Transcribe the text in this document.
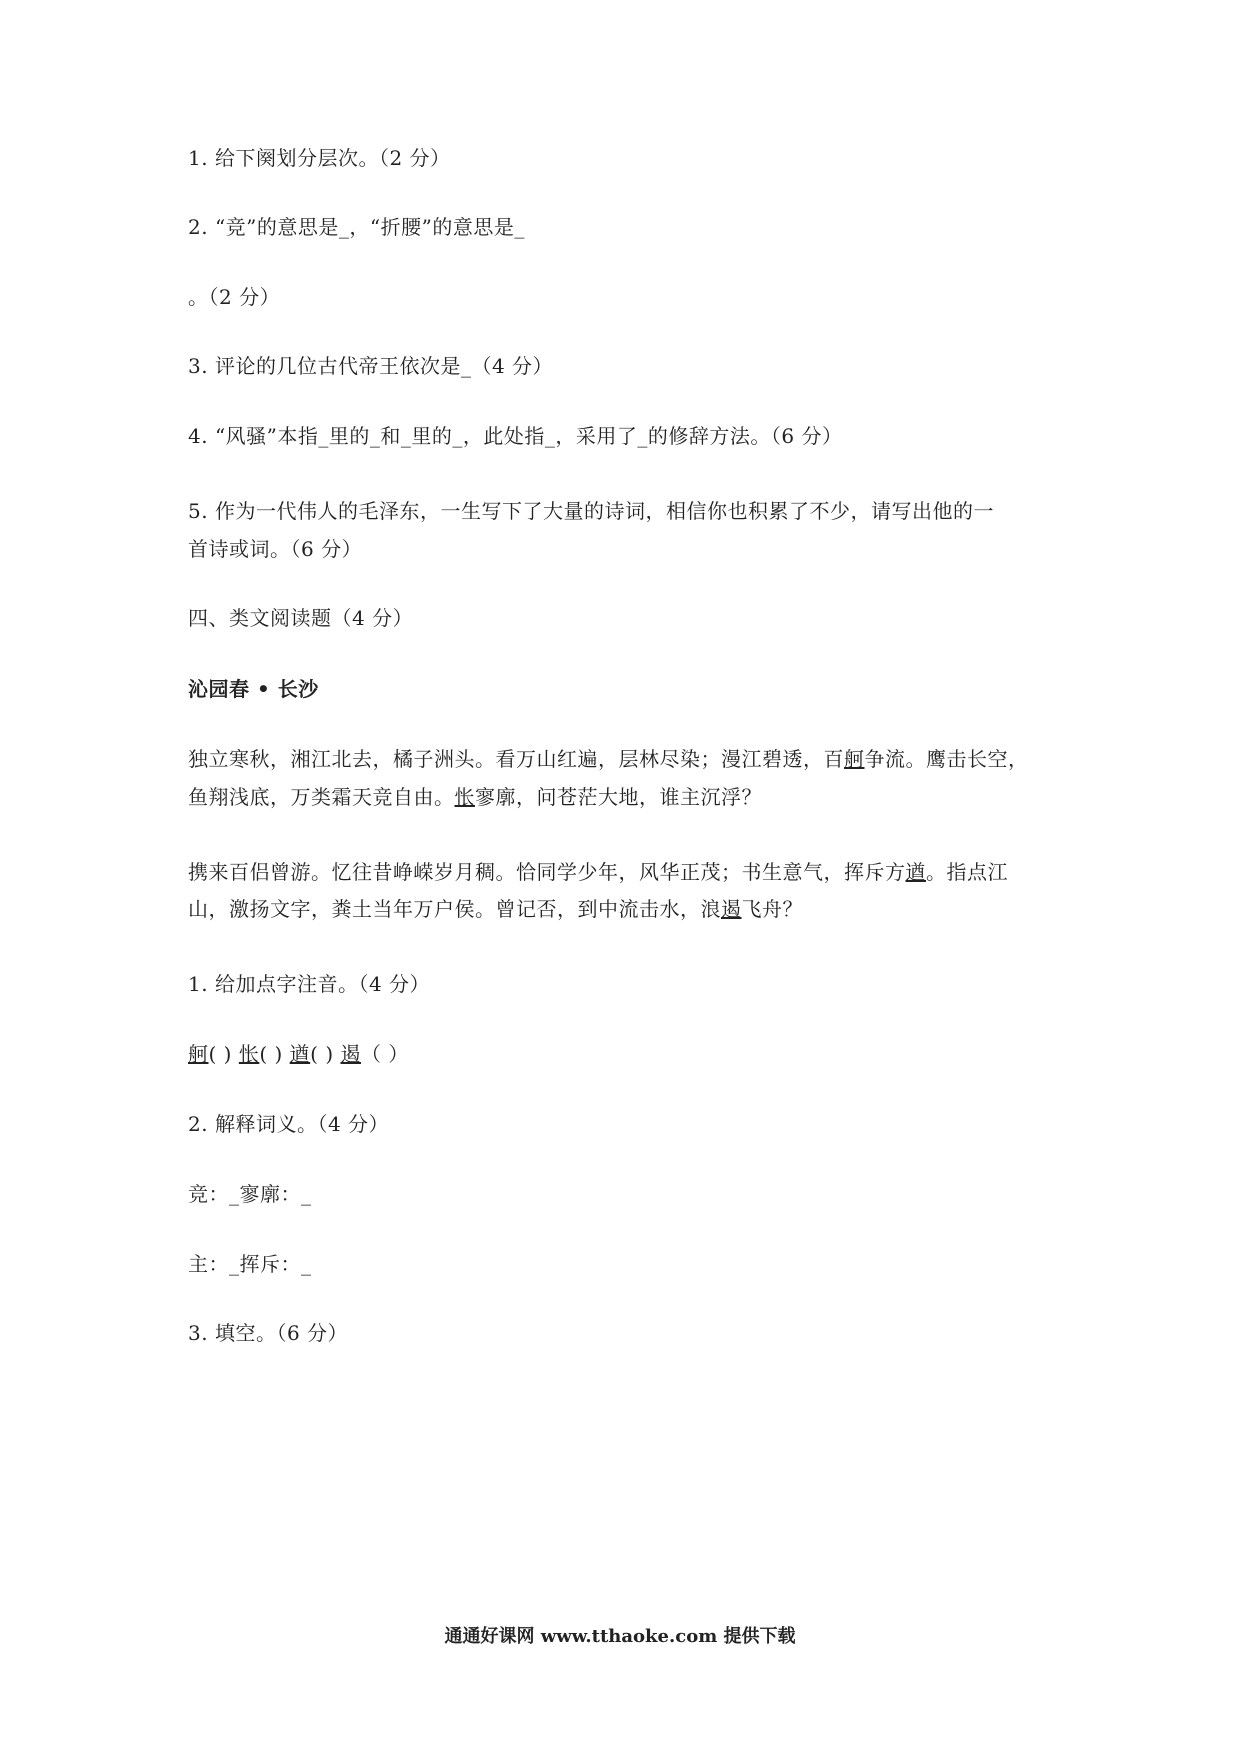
1. 给下阕划分层次。（2 分）
2. “竞”的意思是_，“折腰”的意思是_
。（2 分）
3. 评论的几位古代帝王依次是_（4 分）
4. “风骚”本指_里的_和_里的_，此处指_，采用了_的修辞方法。（6 分）
5. 作为一代伟人的毛泽东，一生写下了大量的诗词，相信你也积累了不少，请写出他的一
首诗或词。（6 分）
四、类文阅读题（4 分）
沁园春 • 长沙
独立寒秋，湘江北去，橘子洲头。看万山红遍，层林尽染；漫江碧透，百舸争流。鹰击长空，
鱼翔浅底，万类霜天竞自由。怅寥廓，问苍茫大地，谁主沉浮？
携来百侣曾游。忆往昔峥嵘岁月稠。恰同学少年，风华正茂；书生意气，挥斥方遒。指点江
山，激扬文字，粪土当年万户侯。曾记否，到中流击水，浪遏飞舟？
1. 给加点字注音。（4 分）
舸( ) 怅( ) 遒( ) 遏（ ）
2. 解释词义。（4 分）
竞：_寥廓：_
主：_挥斥：_
3. 填空。（6 分）
通通好课网 www.tthaoke.com 提供下载
